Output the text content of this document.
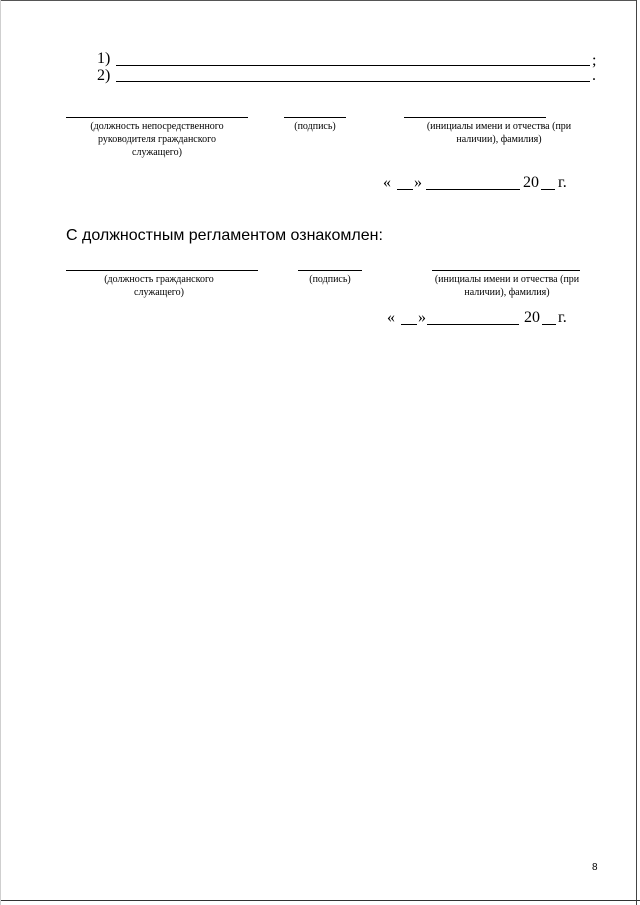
1)	;
2)	.
(должность непосредственного руководителя гражданского служащего)
(подпись)	(инициалы имени и отчества (при наличии), фамилия)
« »	20 г.
С должностным регламентом ознакомлен:
(должность гражданского служащего)
(подпись)	(инициалы имени и отчества (при наличии), фамилия)
« »	20 г.
8
